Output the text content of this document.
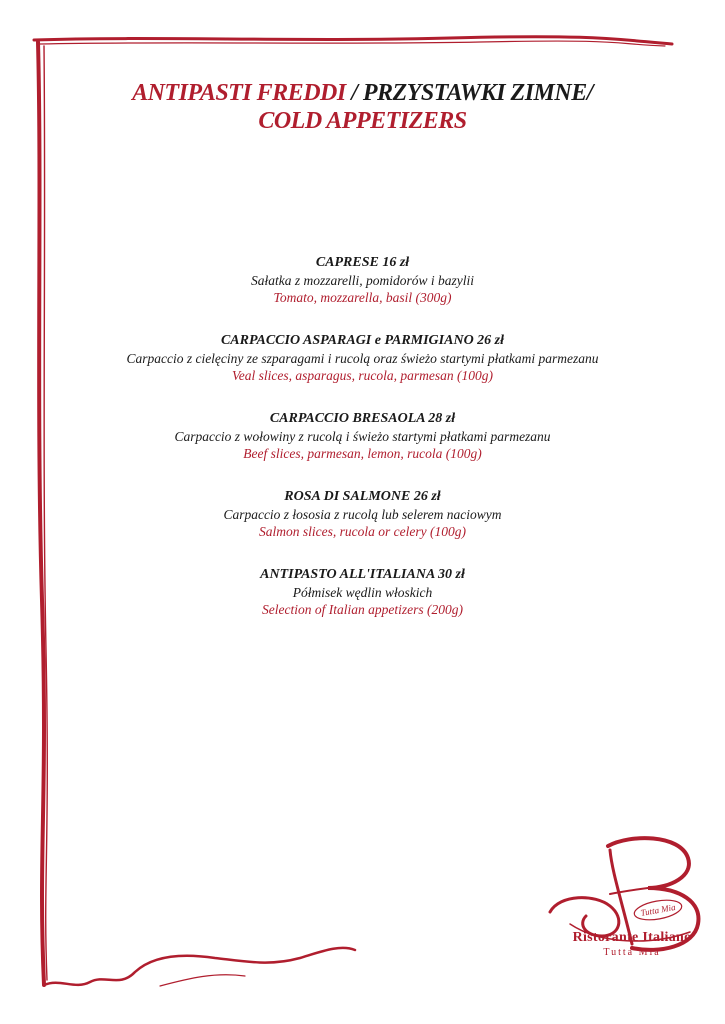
ANTIPASTI FREDDI / PRZYSTAWKI ZIMNE/
COLD APPETIZERS
CAPRESE 16 zł
Sałatka z mozzarelli, pomidorów i bazylii
Tomato, mozzarella, basil (300g)
CARPACCIO ASPARAGI e PARMIGIANO 26 zł
Carpaccio z cielęciny ze szparagami i rucolą oraz świeżo startymi płatkami parmezanu
Veal slices, asparagus, rucola, parmesan (100g)
CARPACCIO BRESAOLA 28 zł
Carpaccio z wołowiny z rucolą i świeżo startymi płatkami parmezanu
Beef slices, parmesan, lemon, rucola (100g)
ROSA DI SALMONE 26 zł
Carpaccio z łososia z rucolą lub selerem naciowym
Salmon slices, rucola or celery (100g)
ANTIPASTO ALL'ITALIANA 30 zł
Półmisek wędlin włoskich
Selection of Italian appetizers (200g)
Tutta Mia
Ristorante Italiano
Tutta Mia
